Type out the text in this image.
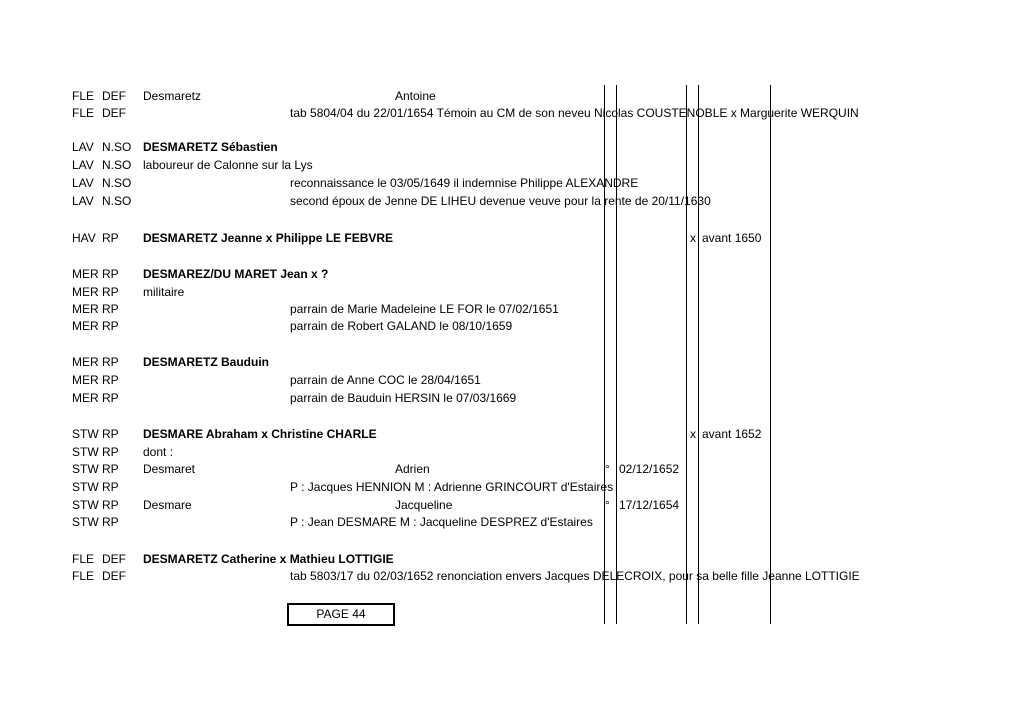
FLE DEF Desmaretz	Antoine
FLE DEF	tab 5804/04 du 22/01/1654 Témoin au CM de son neveu Nicolas COUSTENOBLE x Marguerite WERQUIN
LAV N.SO DESMARETZ Sébastien
LAV N.SO laboureur de Calonne sur la Lys
LAV N.SO	reconnaissance le 03/05/1649 il indemnise Philippe ALEXANDRE
LAV N.SO	second époux de Jenne DE LIHEU devenue veuve pour la rente de 20/11/1630
HAV RP DESMARETZ Jeanne x Philippe LE FEBVRE	x avant 1650
MER RP DESMAREZ/DU MARET Jean x ?
MER RP militaire
MER RP	parrain de Marie Madeleine LE FOR le 07/02/1651
MER RP	parrain de Robert GALAND le 08/10/1659
MER RP DESMARETZ Bauduin
MER RP	parrain de Anne COC le 28/04/1651
MER RP	parrain de Bauduin HERSIN le 07/03/1669
STW RP DESMARE Abraham x Christine CHARLE	x avant 1652
STW RP dont :
STW RP Desmaret	Adrien	° 02/12/1652
STW RP	P : Jacques HENNION M : Adrienne GRINCOURT d'Estaires
STW RP Desmare	Jacqueline	° 17/12/1654
STW RP	P : Jean DESMARE M : Jacqueline DESPREZ d'Estaires
FLE DEF DESMARETZ Catherine x Mathieu LOTTIGIE
FLE DEF	tab 5803/17 du 02/03/1652 renonciation envers Jacques DELECROIX, pour sa belle fille Jeanne LOTTIGIE
PAGE 44
